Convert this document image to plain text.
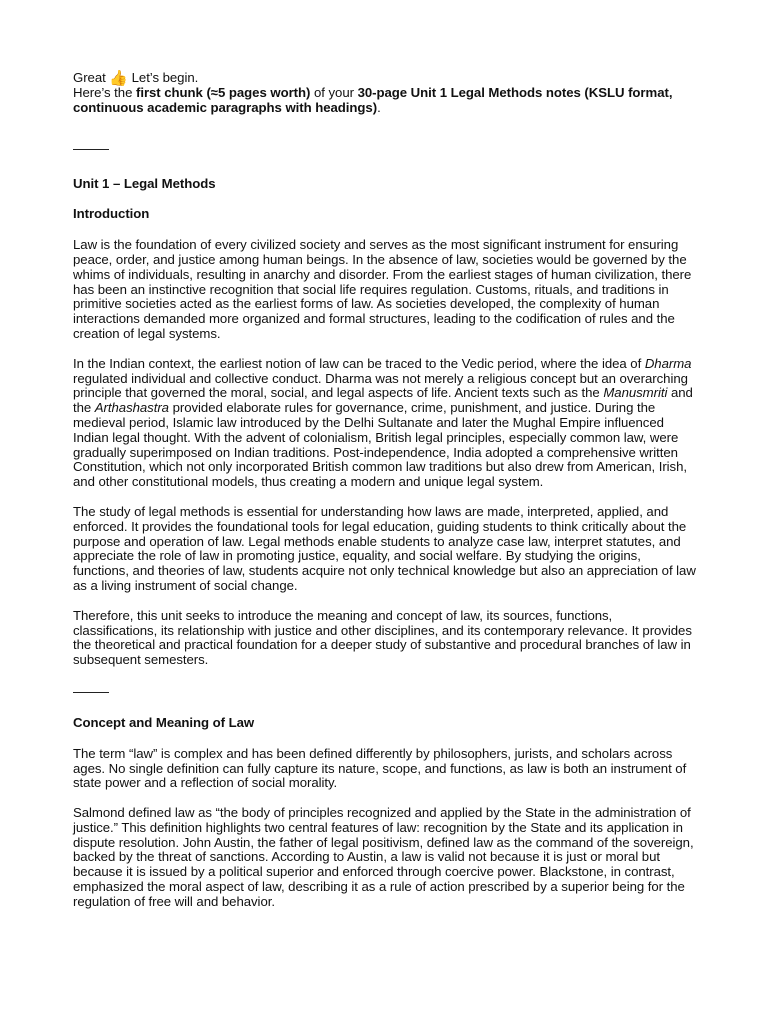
Great 👍 Let’s begin.

Here’s the first chunk (≈5 pages worth) of your 30-page Unit 1 Legal Methods notes (KSLU format, continuous academic paragraphs with headings).

Unit 1 – Legal Methods
Introduction

Law is the foundation of every civilized society and serves as the most significant instrument for ensuring peace, order, and justice among human beings. In the absence of law, societies would be governed by the whims of individuals, resulting in anarchy and disorder. From the earliest stages of human civilization, there has been an instinctive recognition that social life requires regulation. Customs, rituals, and traditions in primitive societies acted as the earliest forms of law. As societies developed, the complexity of human interactions demanded more organized and formal structures, leading to the codification of rules and the creation of legal systems.

In the Indian context, the earliest notion of law can be traced to the Vedic period, where the idea of Dharma regulated individual and collective conduct. Dharma was not merely a religious concept but an overarching principle that governed the moral, social, and legal aspects of life. Ancient texts such as the Manusmriti and the Arthashastra provided elaborate rules for governance, crime, punishment, and justice. During the medieval period, Islamic law introduced by the Delhi Sultanate and later the Mughal Empire influenced Indian legal thought. With the advent of colonialism, British legal principles, especially common law, were gradually superimposed on Indian traditions. Post-independence, India adopted a comprehensive written Constitution, which not only incorporated British common law traditions but also drew from American, Irish, and other constitutional models, thus creating a modern and unique legal system.

The study of legal methods is essential for understanding how laws are made, interpreted, applied, and enforced. It provides the foundational tools for legal education, guiding students to think critically about the purpose and operation of law. Legal methods enable students to analyze case law, interpret statutes, and appreciate the role of law in promoting justice, equality, and social welfare. By studying the origins, functions, and theories of law, students acquire not only technical knowledge but also an appreciation of law as a living instrument of social change.

Therefore, this unit seeks to introduce the meaning and concept of law, its sources, functions, classifications, its relationship with justice and other disciplines, and its contemporary relevance. It provides the theoretical and practical foundation for a deeper study of substantive and procedural branches of law in subsequent semesters.

Concept and Meaning of Law

The term “law” is complex and has been defined differently by philosophers, jurists, and scholars across ages. No single definition can fully capture its nature, scope, and functions, as law is both an instrument of state power and a reflection of social morality.

Salmond defined law as “the body of principles recognized and applied by the State in the administration of justice.” This definition highlights two central features of law: recognition by the State and its application in dispute resolution. John Austin, the father of legal positivism, defined law as the command of the sovereign, backed by the threat of sanctions. According to Austin, a law is valid not because it is just or moral but because it is issued by a political superior and enforced through coercive power. Blackstone, in contrast, emphasized the moral aspect of law, describing it as a rule of action prescribed by a superior being for the regulation of free will and behavior.
